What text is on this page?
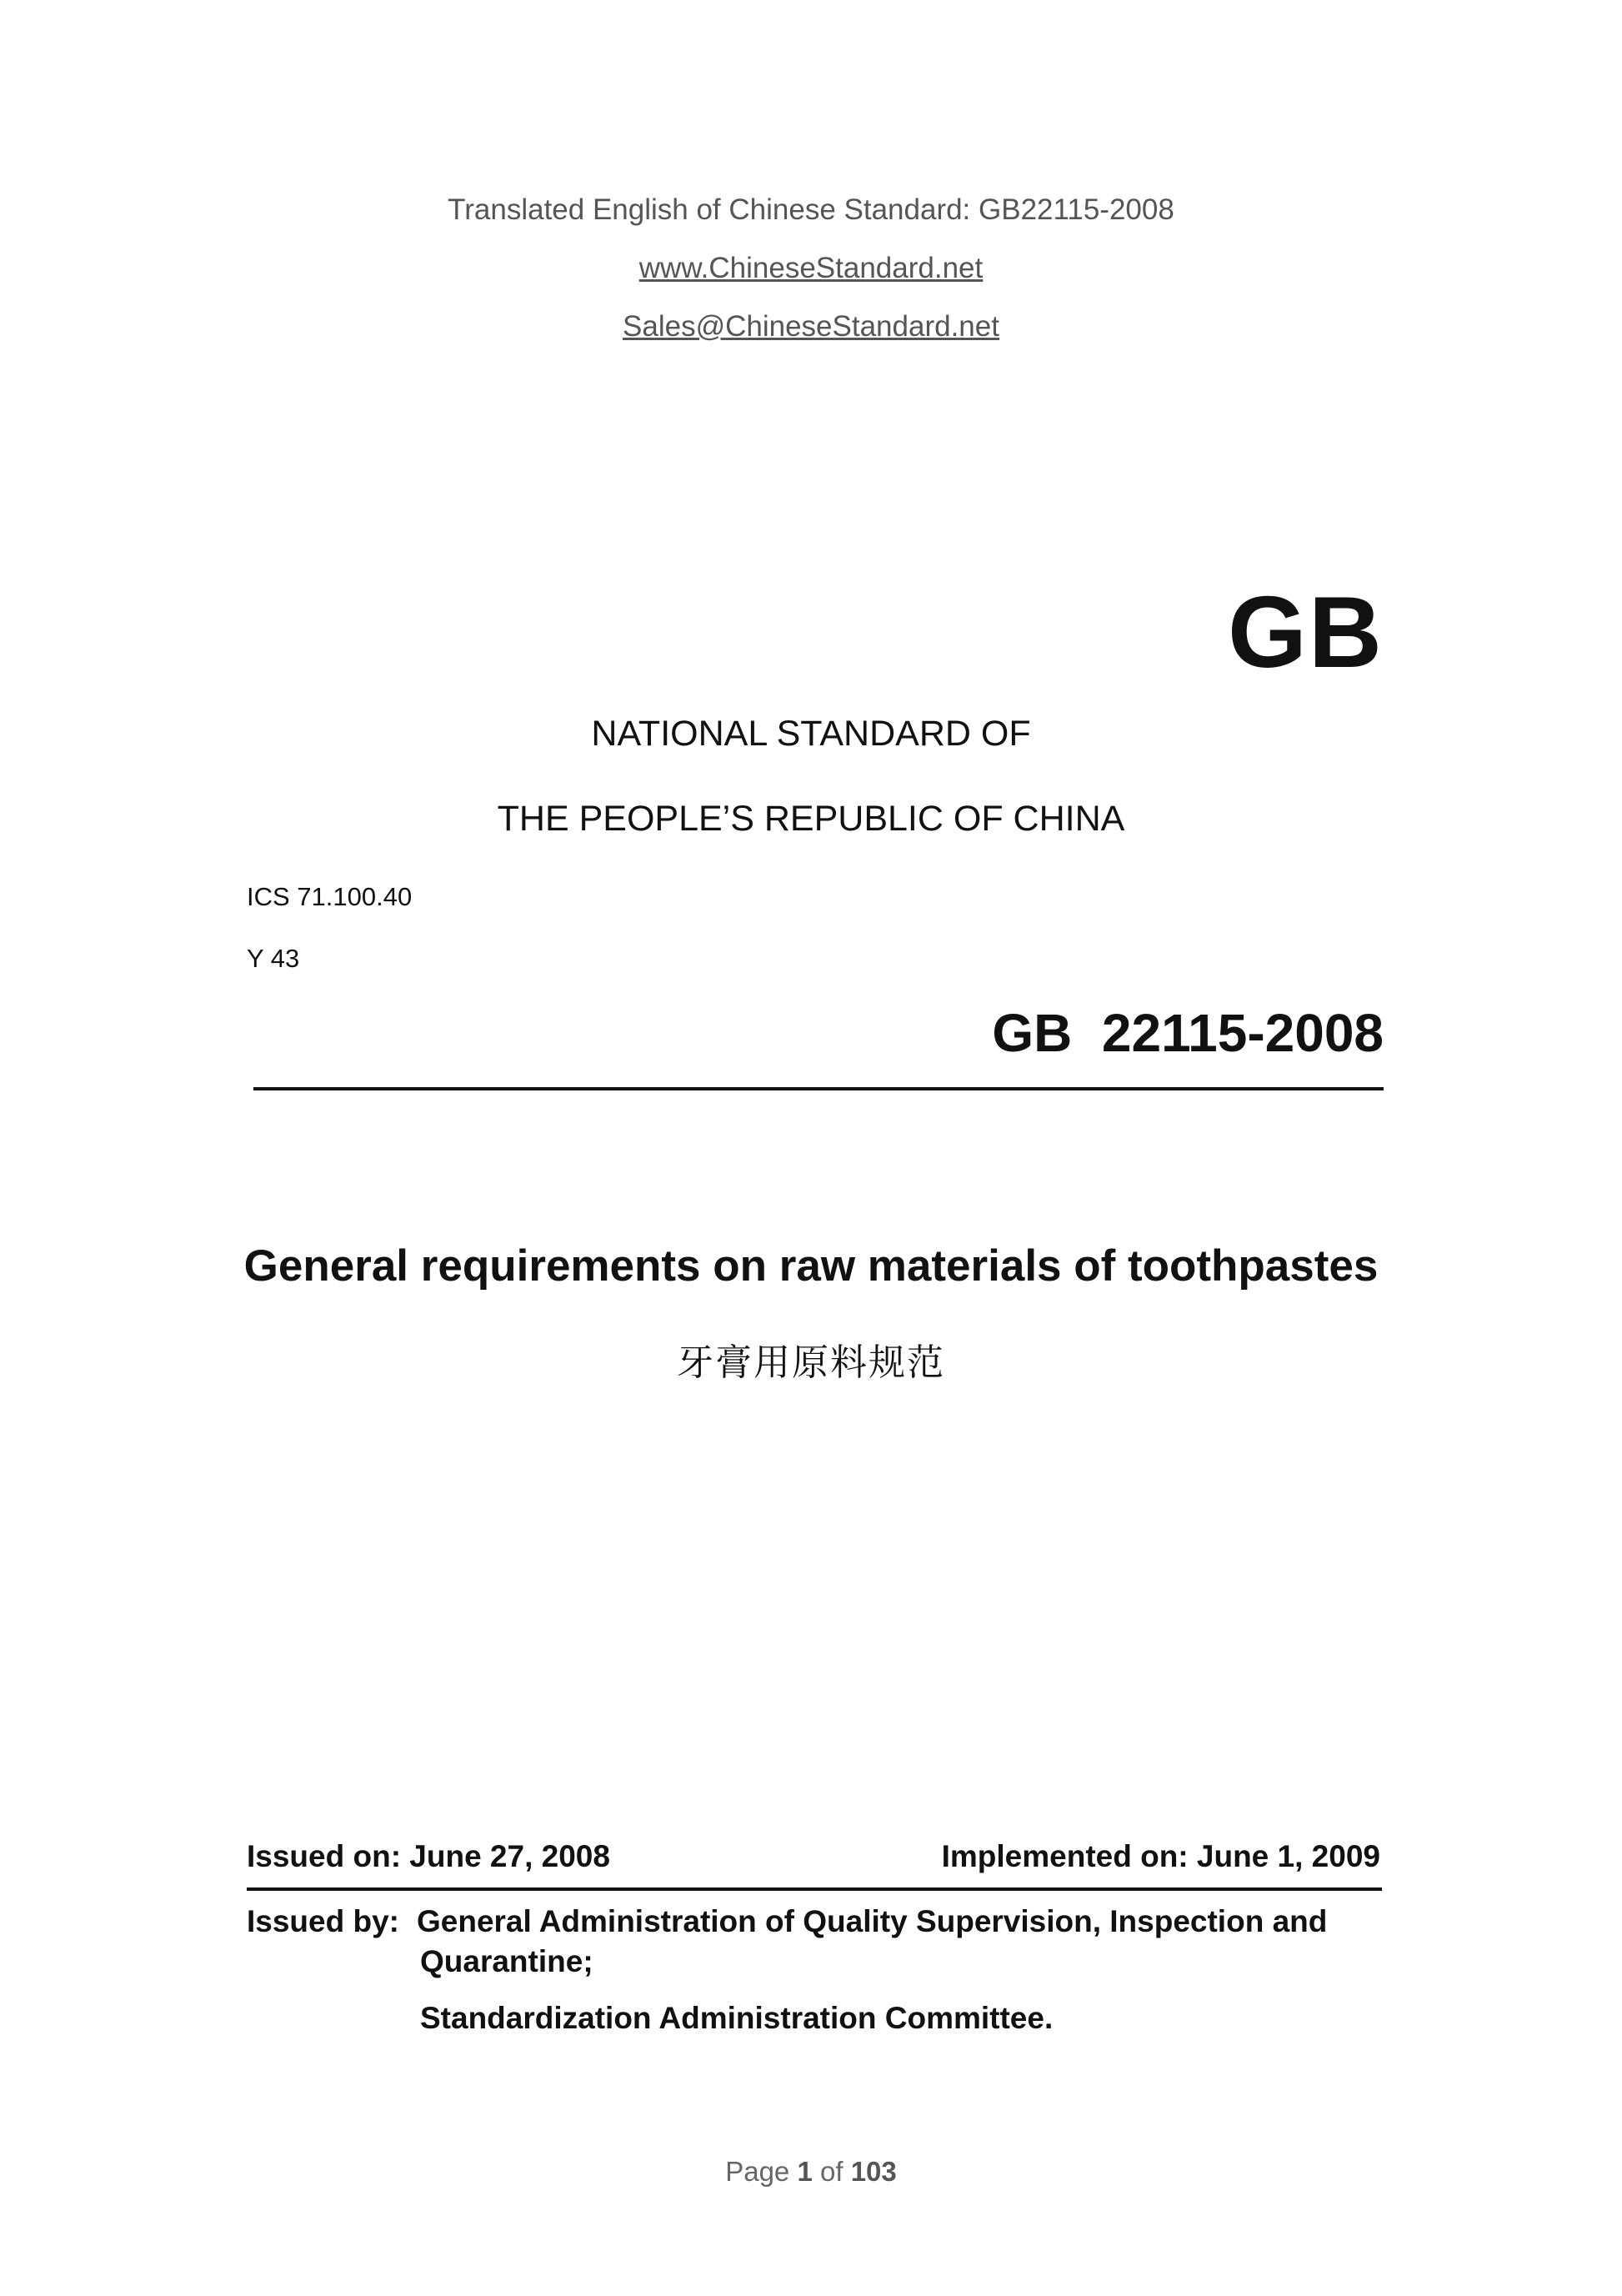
Translated English of Chinese Standard: GB22115-2008
www.ChineseStandard.net
Sales@ChineseStandard.net
GB
NATIONAL STANDARD OF
THE PEOPLE’S REPUBLIC OF CHINA
ICS 71.100.40
Y 43
GB  22115-2008
General requirements on raw materials of toothpastes
牙膏用原料规范
Issued on: June 27, 2008	Implemented on: June 1, 2009
Issued by: General Administration of Quality Supervision, Inspection and
Quarantine;
Standardization Administration Committee.
Page 1 of 103
